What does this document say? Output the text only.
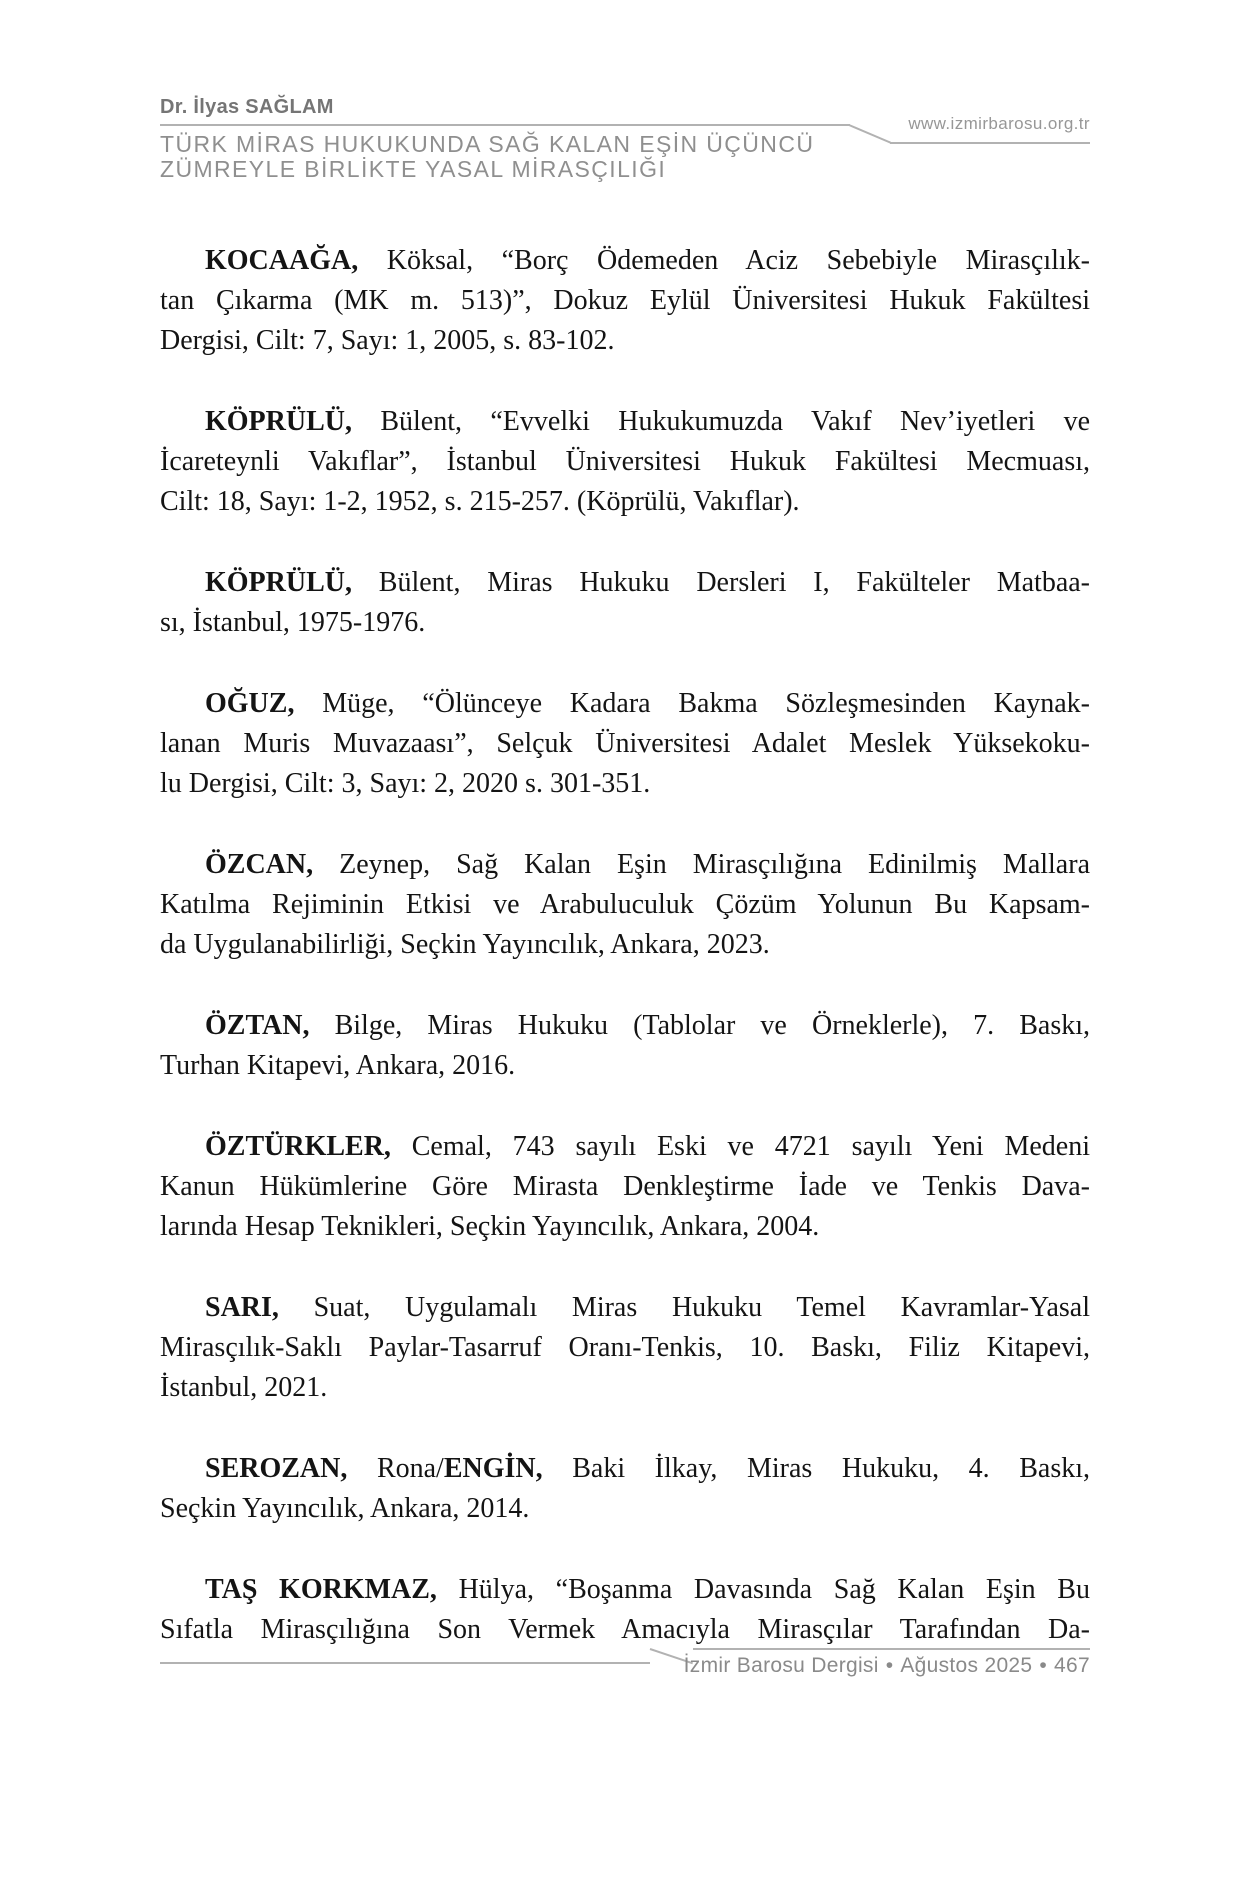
Dr. İlyas SAĞLAM
www.izmirbarosu.org.tr
TÜRK MİRAS HUKUKUNDA SAĞ KALAN EŞİN ÜÇÜNCÜ
ZÜMREYLE BİRLİKTE YASAL MİRASÇILIĞI
KOCAAĞA, Köksal, “Borç Ödemeden Aciz Sebebiyle Mirasçılık-
tan Çıkarma (MK m. 513)”, Dokuz Eylül Üniversitesi Hukuk Fakültesi
Dergisi, Cilt: 7, Sayı: 1, 2005, s. 83-102.
KÖPRÜLÜ, Bülent, “Evvelki Hukukumuzda Vakıf Nev’iyetleri ve
İcareteynli Vakıflar”, İstanbul Üniversitesi Hukuk Fakültesi Mecmuası,
Cilt: 18, Sayı: 1-2, 1952, s. 215-257. (Köprülü, Vakıflar).
KÖPRÜLÜ, Bülent, Miras Hukuku Dersleri I, Fakülteler Matbaa-
sı, İstanbul, 1975-1976.
OĞUZ, Müge, “Ölünceye Kadara Bakma Sözleşmesinden Kaynak-
lanan Muris Muvazaası”, Selçuk Üniversitesi Adalet Meslek Yüksekoku-
lu Dergisi, Cilt: 3, Sayı: 2, 2020 s. 301-351.
ÖZCAN, Zeynep, Sağ Kalan Eşin Mirasçılığına Edinilmiş Mallara
Katılma Rejiminin Etkisi ve Arabuluculuk Çözüm Yolunun Bu Kapsam-
da Uygulanabilirliği, Seçkin Yayıncılık, Ankara, 2023.
ÖZTAN, Bilge, Miras Hukuku (Tablolar ve Örneklerle), 7. Baskı,
Turhan Kitapevi, Ankara, 2016.
ÖZTÜRKLER, Cemal, 743 sayılı Eski ve 4721 sayılı Yeni Medeni
Kanun Hükümlerine Göre Mirasta Denkleştirme İade ve Tenkis Dava-
larında Hesap Teknikleri, Seçkin Yayıncılık, Ankara, 2004.
SARI, Suat, Uygulamalı Miras Hukuku Temel Kavramlar-Yasal
Mirasçılık-Saklı Paylar-Tasarruf Oranı-Tenkis, 10. Baskı, Filiz Kitapevi,
İstanbul, 2021.
SEROZAN, Rona/ENGİN, Baki İlkay, Miras Hukuku, 4. Baskı,
Seçkin Yayıncılık, Ankara, 2014.
TAŞ KORKMAZ, Hülya, “Boşanma Davasında Sağ Kalan Eşin Bu
Sıfatla Mirasçılığına Son Vermek Amacıyla Mirasçılar Tarafından Da-
İzmir Barosu Dergisi • Ağustos 2025 • 467
